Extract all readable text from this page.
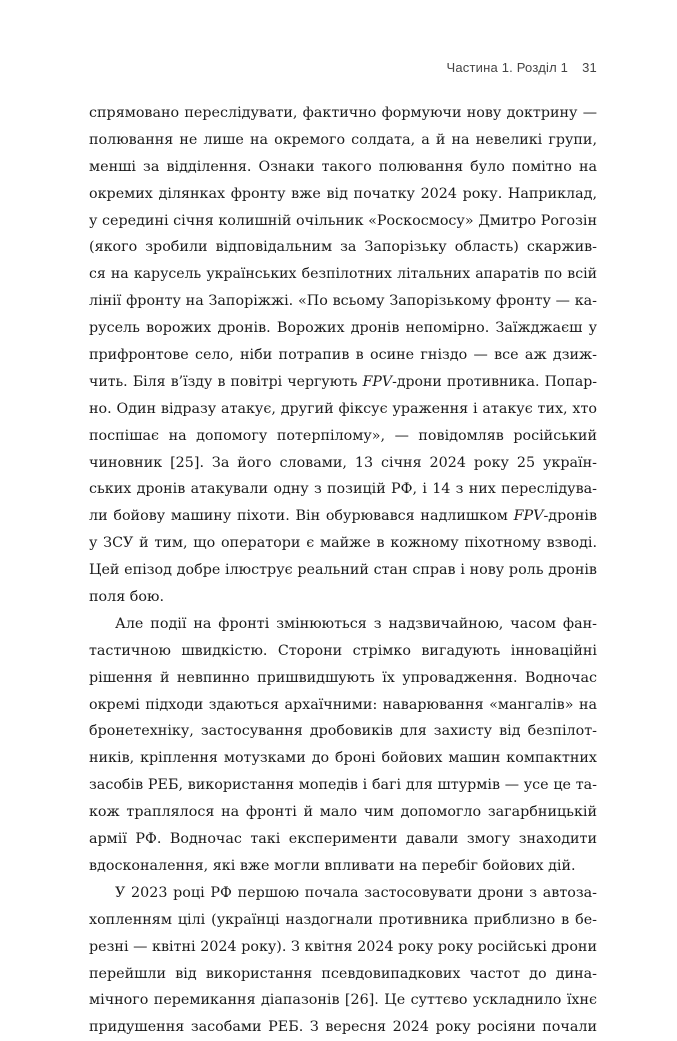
Частина 1. Розділ 1 31
спрямовано переслідувати, фактично формуючи нову доктрину —
полювання не лише на окремого солдата, а й на невеликі групи,
менші за відділення. Ознаки такого полювання було помітно на
окремих ділянках фронту вже від початку 2024 року. Наприклад,
у середині січня колишній очільник «Роскосмосу» Дмитро Рогозін
(якого зробили відповідальним за Запорізьку область) скаржив-
ся на карусель українських безпілотних літальних апаратів по всій
лінії фронту на Запоріжжі. «По всьому Запорізькому фронту — ка-
русель ворожих дронів. Ворожих дронів непомірно. Заїжджаєш у
прифронтове село, ніби потрапив в осине гніздо — все аж дзиж-
чить. Біля в’їзду в повітрі чергують FPV-дрони противника. Попар-
но. Один відразу атакує, другий фіксує ураження і атакує тих, хто
поспішає на допомогу потерпілому», — повідомляв російський
чиновник [25]. За його словами, 13 січня 2024 року 25 україн-
ських дронів атакували одну з позицій РФ, і 14 з них переслідува-
ли бойову машину піхоти. Він обурювався надлишком FPV-дронів
у ЗСУ й тим, що оператори є майже в кожному піхотному взводі.
Цей епізод добре ілюструє реальний стан справ і нову роль дронів
поля бою.
Але події на фронті змінюються з надзвичайною, часом фан-
тастичною швидкістю. Сторони стрімко вигадують інноваційні
рішення й невпинно пришвидшують їх упровадження. Водночас
окремі підходи здаються архаїчними: наварювання «мангалів» на
бронетехніку, застосування дробовиків для захисту від безпілот-
ників, кріплення мотузками до броні бойових машин компактних
засобів РЕБ, використання мопедів і багі для штурмів — усе це та-
кож траплялося на фронті й мало чим допомогло загарбницькій
армії РФ. Водночас такі експерименти давали змогу знаходити
вдосконалення, які вже могли впливати на перебіг бойових дій.
У 2023 році РФ першою почала застосовувати дрони з автоза-
хопленням цілі (українці наздогнали противника приблизно в бе-
резні — квітні 2024 року). З квітня 2024 року року російські дрони
перейшли від використання псевдовипадкових частот до дина-
мічного перемикання діапазонів [26]. Це суттєво ускладнило їхнє
придушення засобами РЕБ. З вересня 2024 року росіяни почали
